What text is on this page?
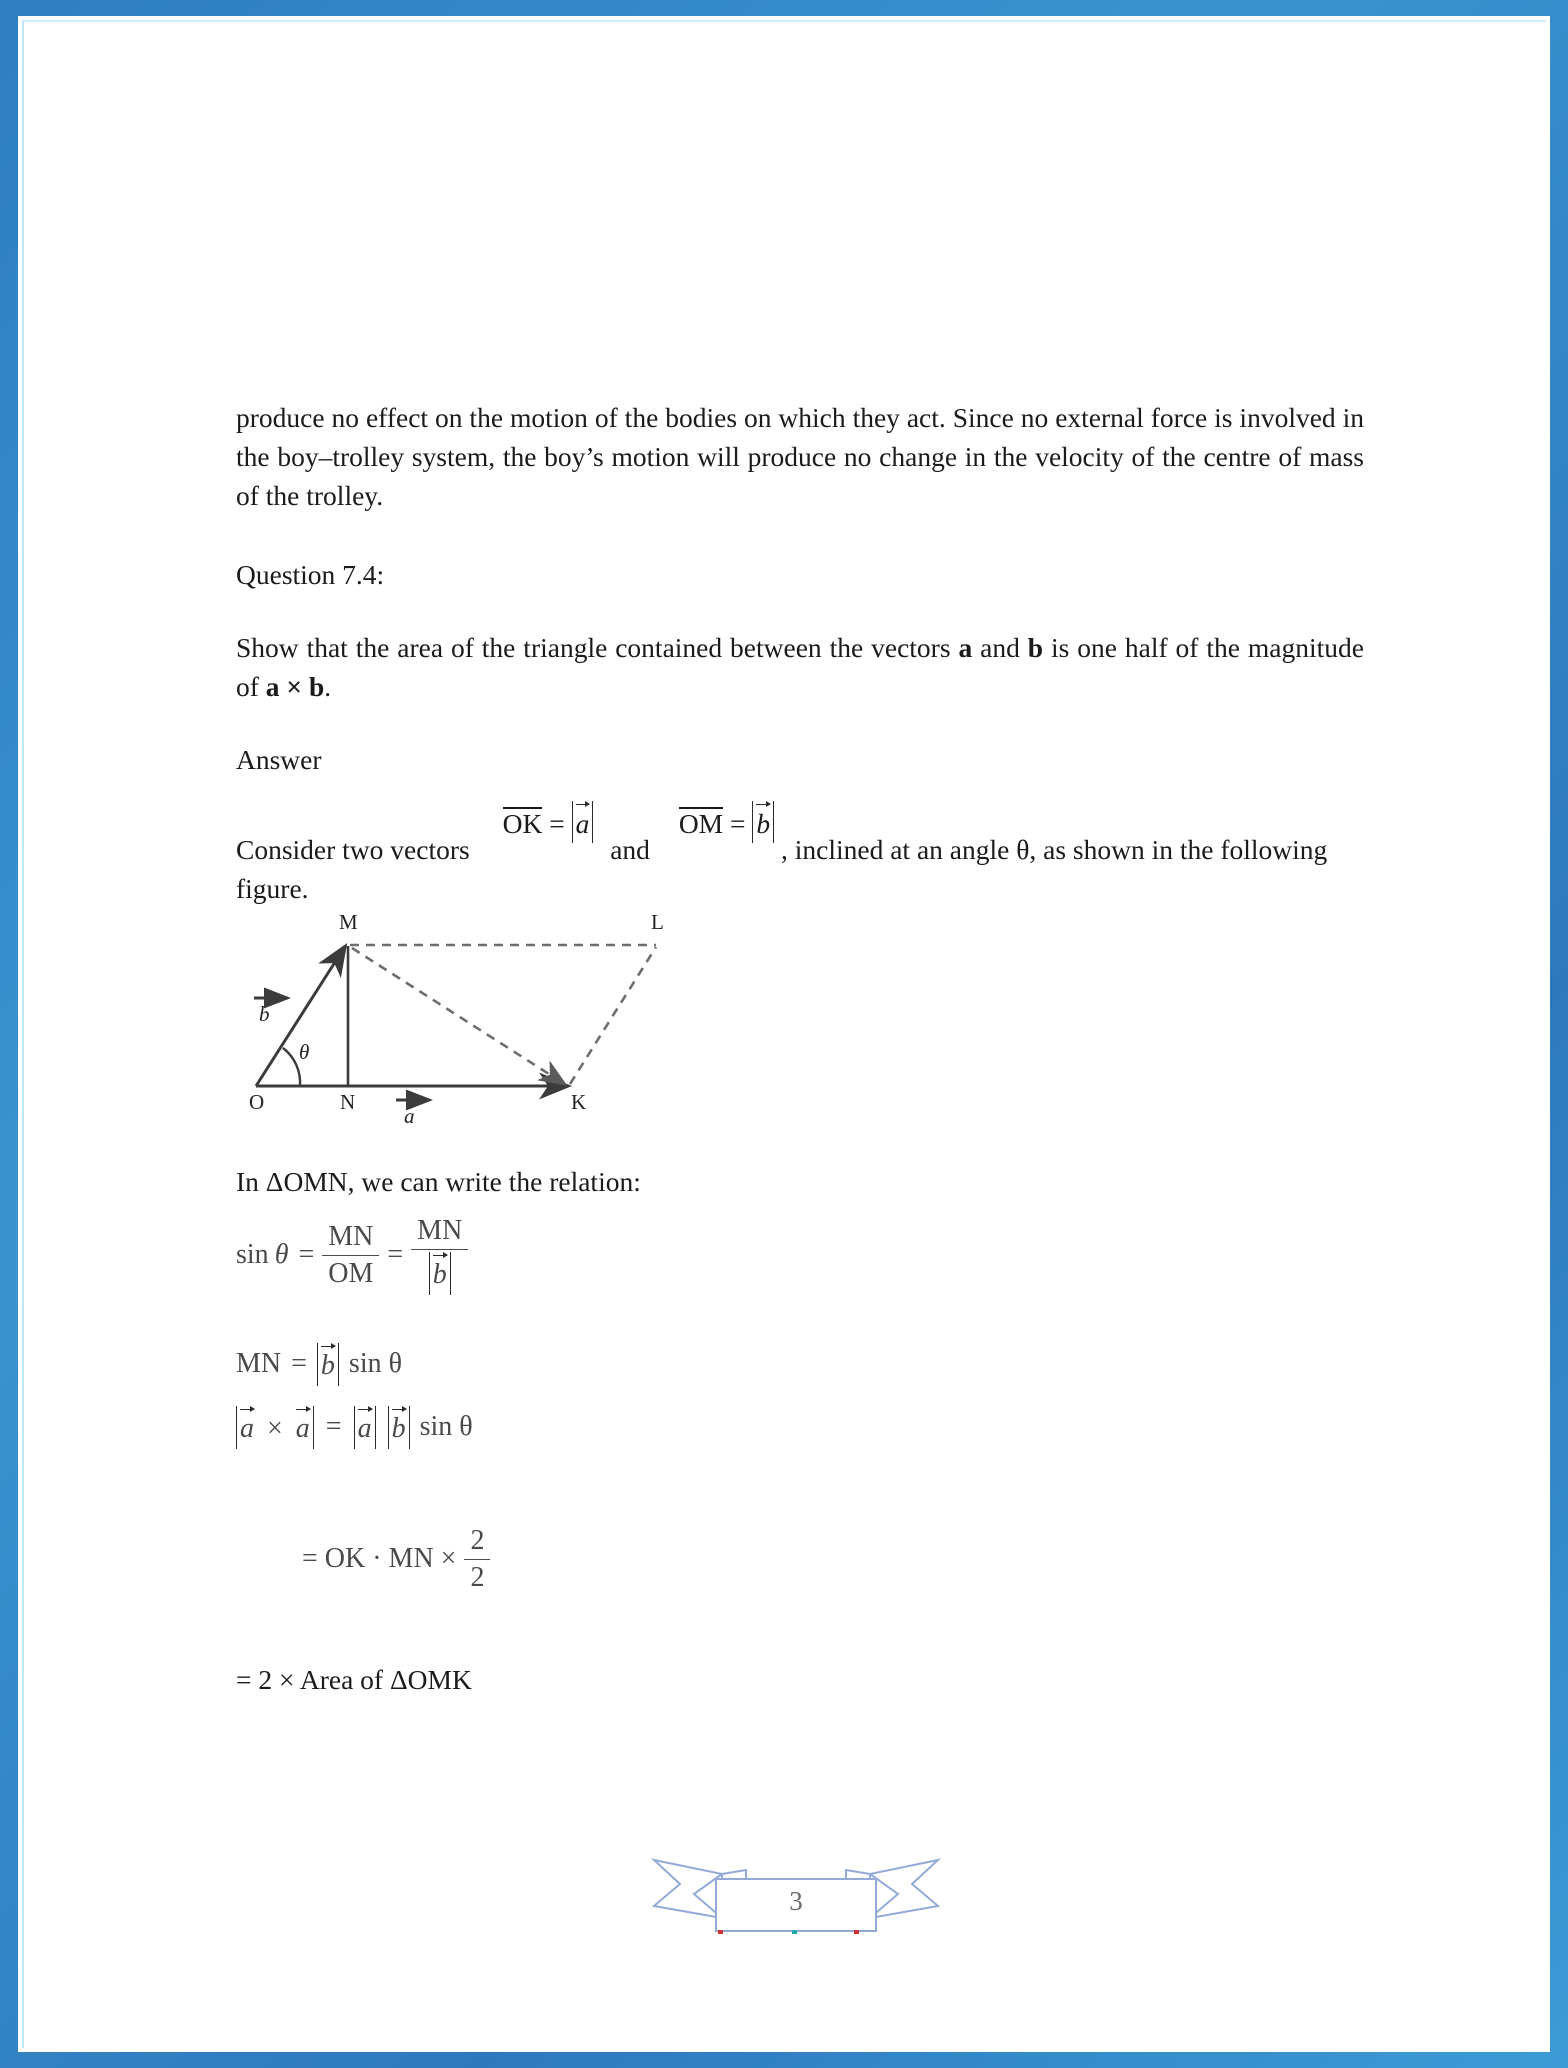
produce no effect on the motion of the bodies on which they act. Since no external force is involved in the boy–trolley system, the boy’s motion will produce no change in the velocity of the centre of mass of the trolley.

Question 7.4:

Show that the area of the triangle contained between the vectors a and b is one half of the magnitude of a × b.

Answer

Consider two vectors OK = a and OM = b , inclined at an angle θ, as shown in the following figure.
M	L
O	N	K
θ
b
a

In ΔOMN, we can write the relation:

$\sin \theta = \frac{MN}{OM} = \frac{MN}{b}$
MN = b sin θ
a × a = a b sin θ
= OK · MN × $\frac{2}{2}$

= 2 × Area of ΔOMK

3
